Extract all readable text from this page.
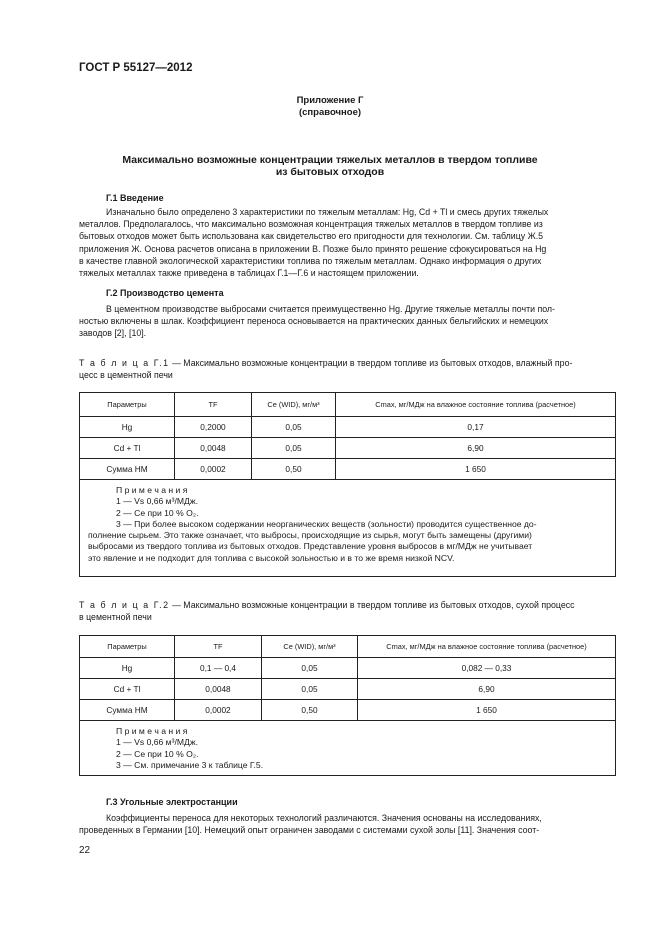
ГОСТ Р 55127—2012
Приложение Г
(справочное)
Максимально возможные концентрации тяжелых металлов в твердом топливе
из бытовых отходов
Г.1 Введение

Изначально было определено 3 характеристики по тяжелым металлам: Hg, Cd + Tl и смесь других тяжелых

металлов. Предполагалось, что максимально возможная концентрация тяжелых металлов в твердом топливе из

бытовых отходов может быть использована как свидетельство его пригодности для технологии. См. таблицу Ж.5

приложения Ж. Основа расчетов описана в приложении В. Позже было принято решение сфокусироваться на Hg

в качестве главной экологической характеристики топлива по тяжелым металлам. Однако информация о других

тяжелых металлах также приведена в таблицах Г.1—Г.6 и настоящем приложении.

Г.2 Производство цемента

В цементном производстве выбросами считается преимущественно Hg. Другие тяжелые металлы почти пол-

ностью включены в шлак. Коэффициент переноса основывается на практических данных бельгийских и немецких

заводов [2], [10].

Т а б л и ц а Г.1 — Максимально возможные концентрации в твердом топливе из бытовых отходов, влажный про-
цесс в цементной печи
Параметры	TF	Ce (WID), мг/м³	Cmax, мг/МДж на влажное состояние топлива (расчетное)
Hg	0,2000	0,05	0,17
Cd + Tl	0,0048	0,05	6,90
Сумма НМ	0,0002	0,50	1 650
П р и м е ч а н и я
1 — Vs 0,66 м³/МДж.
2 — Ce при 10 % O₂.

3 — При более высоком содержании неорганических веществ (зольности) проводится существенное до-

полнение сырьем. Это также означает, что выбросы, происходящие из сырья, могут быть замещены (другими)
выбросами из твердого топлива из бытовых отходов. Представление уровня выбросов в мг/МДж не учитывает
это явление и не подходит для топлива с высокой зольностью и в то же время низкой NCV.
Т а б л и ц а Г.2 — Максимально возможные концентрации в твердом топливе из бытовых отходов, сухой процесс
в цементной печи
Параметры	TF	Ce (WID), мг/м³	Cmax, мг/МДж на влажное состояние топлива (расчетное)
Hg	0,1 — 0,4	0,05	0,082 — 0,33
Cd + Tl	0,0048	0,05	6,90
Сумма НМ	0,0002	0,50	1 650
П р и м е ч а н и я
1 — Vs 0,66 м³/МДж.
2 — Ce при 10 % O₂.
3 — См. примечание 3 к таблице Г.5.
Г.3 Угольные электростанции

Коэффициенты переноса для некоторых технологий различаются. Значения основаны на исследованиях,

проведенных в Германии [10]. Немецкий опыт ограничен заводами с системами сухой золы [11]. Значения соот-

22
